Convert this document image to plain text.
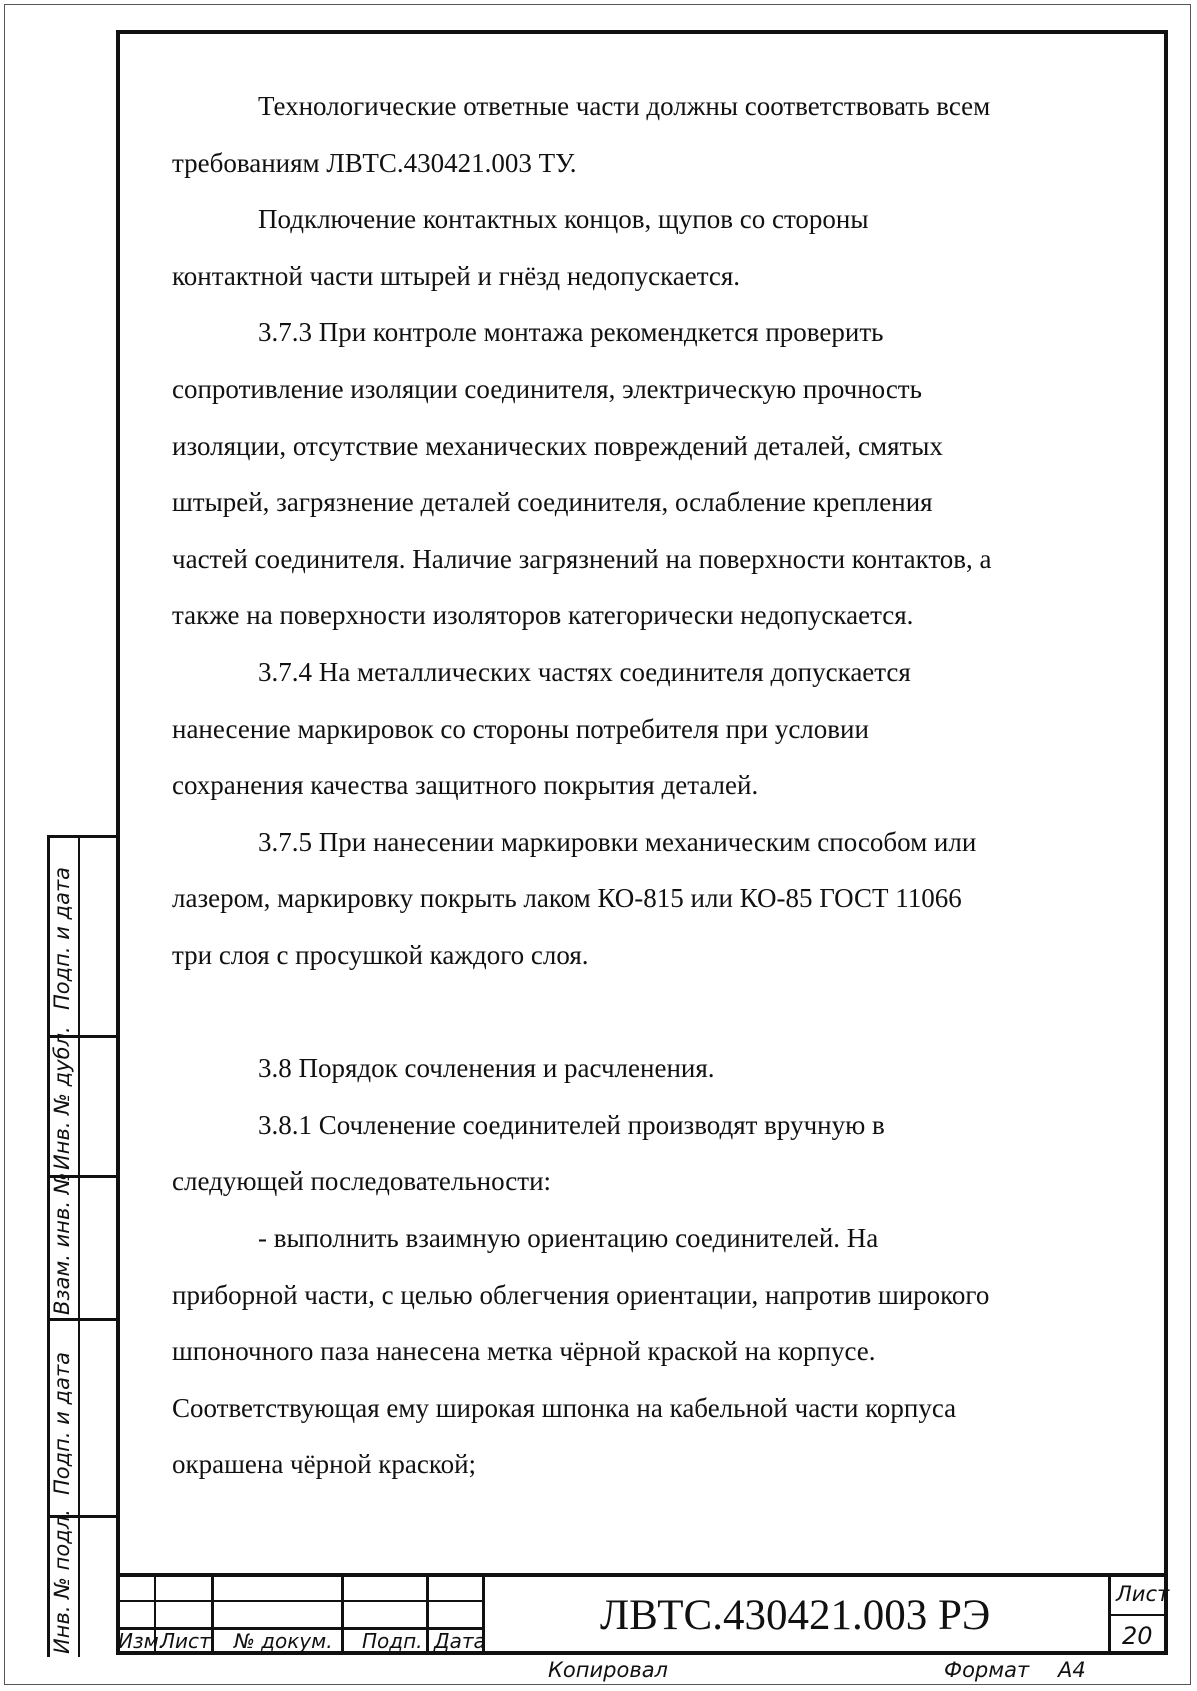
Технологические ответные части должны соответствовать всем
требованиям ЛВТС.430421.003 ТУ.
Подключение контактных концов, щупов со стороны
контактной части штырей и гнёзд недопускается.
3.7.3 При контроле монтажа рекомендкется проверить
сопротивление изоляции соединителя, электрическую прочность
изоляции, отсутствие механических повреждений деталей, смятых
штырей, загрязнение деталей соединителя, ослабление крепления
частей соединителя. Наличие загрязнений на поверхности контактов, а
также на поверхности изоляторов категорически недопускается.
3.7.4 На металлических частях соединителя допускается
нанесение маркировок со стороны потребителя при условии
сохранения качества защитного покрытия деталей.
3.7.5 При нанесении маркировки механическим способом или
лазером, маркировку покрыть лаком КО-815 или КО-85 ГОСТ 11066
три слоя с просушкой каждого слоя.
3.8 Порядок сочленения и расчленения.
3.8.1 Сочленение соединителей производят вручную в
следующей последовательности:
- выполнить взаимную ориентацию соединителей. На
приборной части, с целью облегчения ориентации, напротив широкого
шпоночного паза нанесена метка чёрной краской на корпусе.
Соответствующая ему широкая шпонка на кабельной части корпуса
окрашена чёрной краской;
Подп. и дата
Инв. № дубл.
Взам. инв. №
Подп. и дата
Инв. № подл. Изм.
Лист № докум. Подп. Дата
ЛВТС.430421.003 РЭ	Лист
20
Копировал	Формат А4
